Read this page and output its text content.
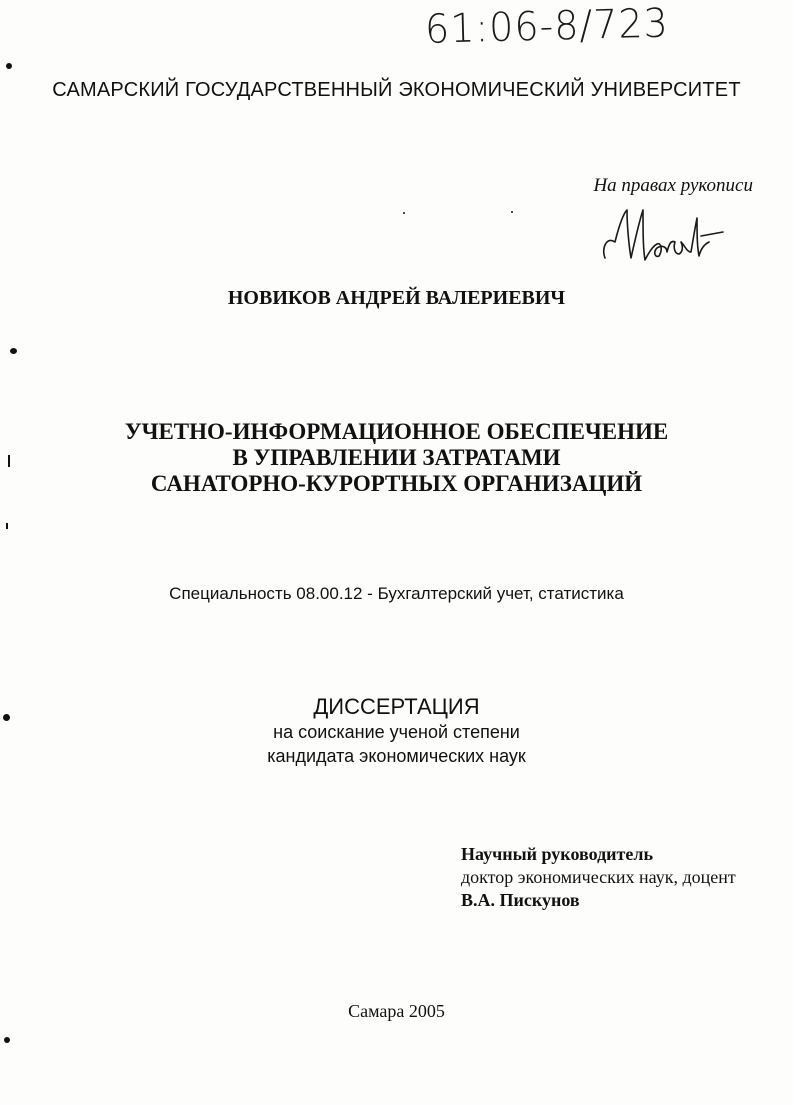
61:06-8/723
САМАРСКИЙ ГОСУДАРСТВЕННЫЙ ЭКОНОМИЧЕСКИЙ УНИВЕРСИТЕТ
На правах рукописи
НОВИКОВ АНДРЕЙ ВАЛЕРИЕВИЧ
УЧЕТНО-ИНФОРМАЦИОННОЕ ОБЕСПЕЧЕНИЕ
В УПРАВЛЕНИИ ЗАТРАТАМИ
САНАТОРНО-КУРОРТНЫХ ОРГАНИЗАЦИЙ
Специальность 08.00.12 - Бухгалтерский учет, статистика
ДИССЕРТАЦИЯ
на соискание ученой степени
кандидата экономических наук
Научный руководитель
доктор экономических наук, доцент
В.А. Пискунов
Самара 2005
